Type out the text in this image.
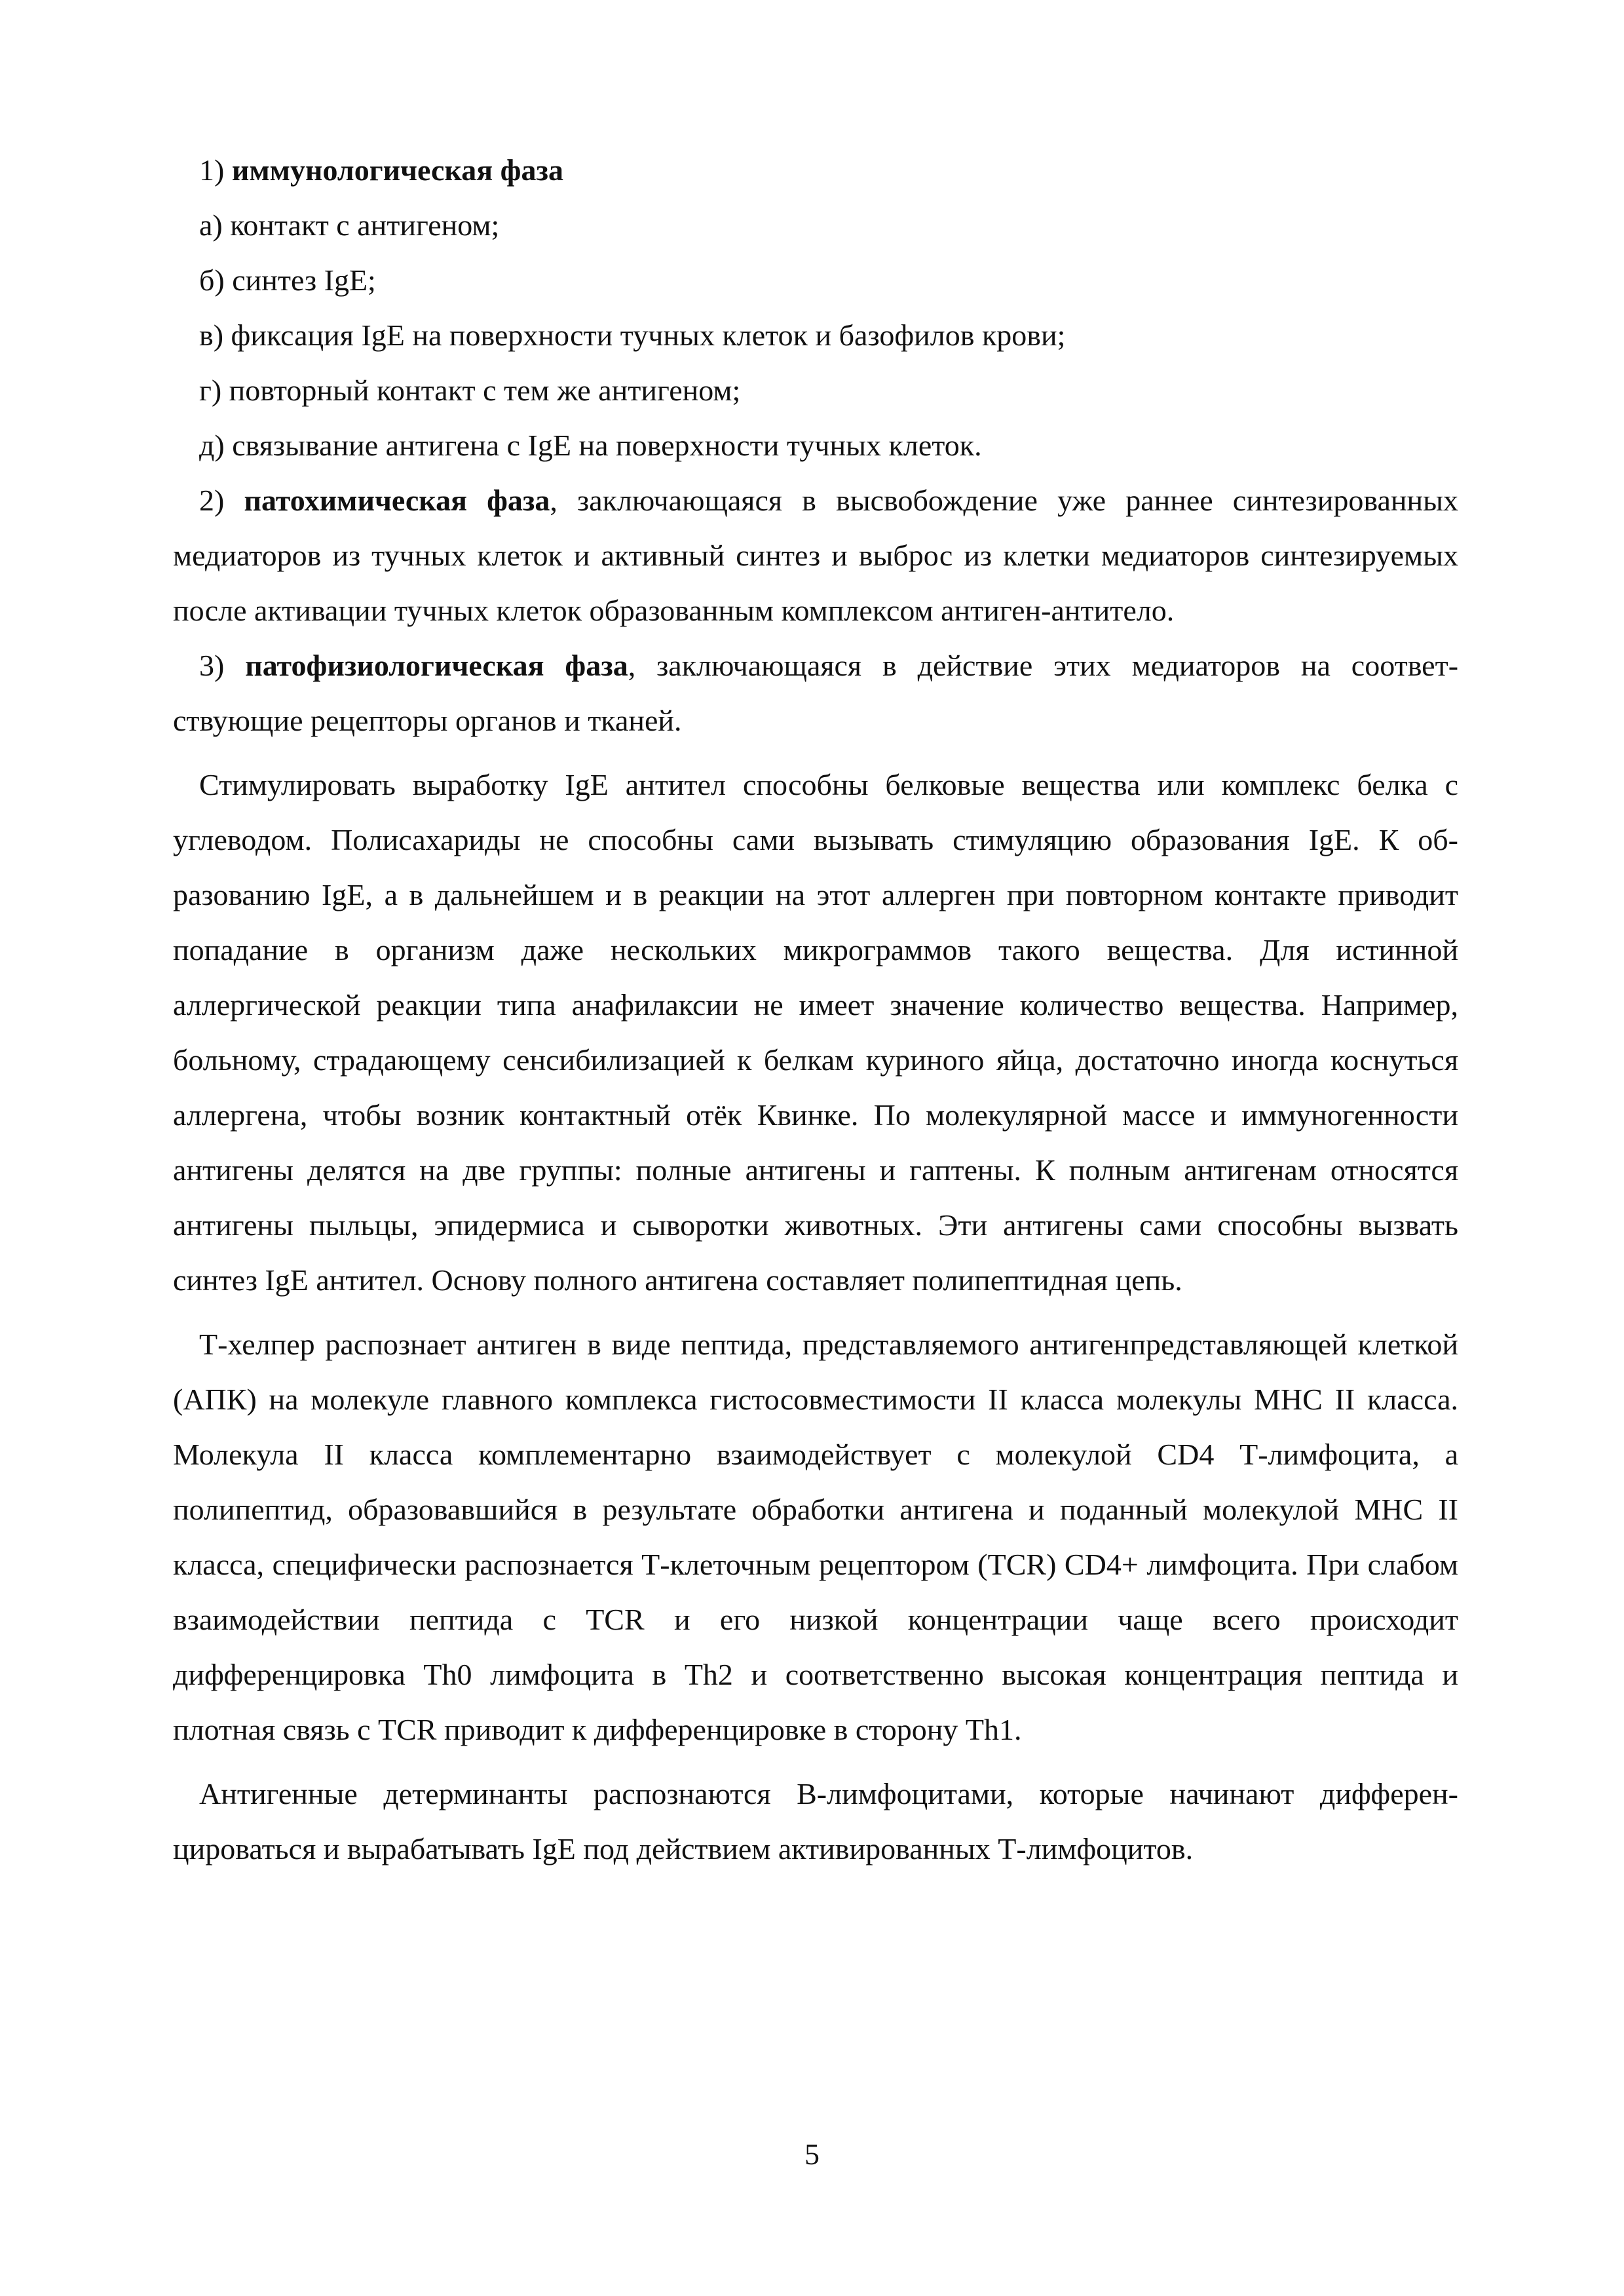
1) иммунологическая фаза

а) контакт с антигеном;

б) синтез IgE;

в) фиксация IgE на поверхности тучных клеток и базофилов крови;

г) повторный контакт с тем же антигеном;

д) связывание антигена с IgE на поверхности тучных клеток.

2) патохимическая фаза, заключающаяся в высвобождение уже раннее синтезированных медиаторов из тучных клеток и активный синтез и выброс из клетки медиаторов синтезируемых после активации тучных клеток образованным комплексом антиген-антитело.

3) патофизиологическая фаза, заключающаяся в действие этих медиаторов на соответствующие рецепторы органов и тканей.

Стимулировать выработку IgE антител способны белковые вещества или комплекс белка с углеводом. Полисахариды не способны сами вызывать стимуляцию образования IgE. К образованию IgE, а в дальнейшем и в реакции на этот аллерген при повторном контакте приводит попадание в организм даже нескольких микрограммов такого вещества. Для истинной аллергической реакции типа анафилаксии не имеет значение количество вещества. Например, больному, страдающему сенсибилизацией к белкам куриного яйца, достаточно иногда коснуться аллергена, чтобы возник контактный отёк Квинке. По молекулярной массе и иммуногенности антигены делятся на две группы: полные антигены и гаптены. К полным антигенам относятся антигены пыльцы, эпидермиса и сыворотки животных. Эти антигены сами способны вызвать синтез IgE антител. Основу полного антигена составляет полипептидная цепь.

Т-хелпер распознает антиген в виде пептида, представляемого антигенпредставляющей клеткой (АПК) на молекуле главного комплекса гистосовместимости II класса молекулы МНС II класса. Молекула II класса комплементарно взаимодействует с молекулой CD4 Т-лимфоцита, а полипептид, образовавшийся в результате обработки антигена и поданный молекулой МНС II класса, специфически распознается Т-клеточным рецептором (TCR) CD4+ лимфоцита. При слабом взаимодействии пептида с TCR и его низкой концентрации чаще всего происходит дифференцировка Th0 лимфоцита в Th2 и соответственно высокая концентрация пептида и плотная связь с TCR приводит к дифференцировке в сторону Th1.

Антигенные детерминанты распознаются В-лимфоцитами, которые начинают дифференцироваться и вырабатывать IgE под действием активированных Т-лимфоцитов.

5
